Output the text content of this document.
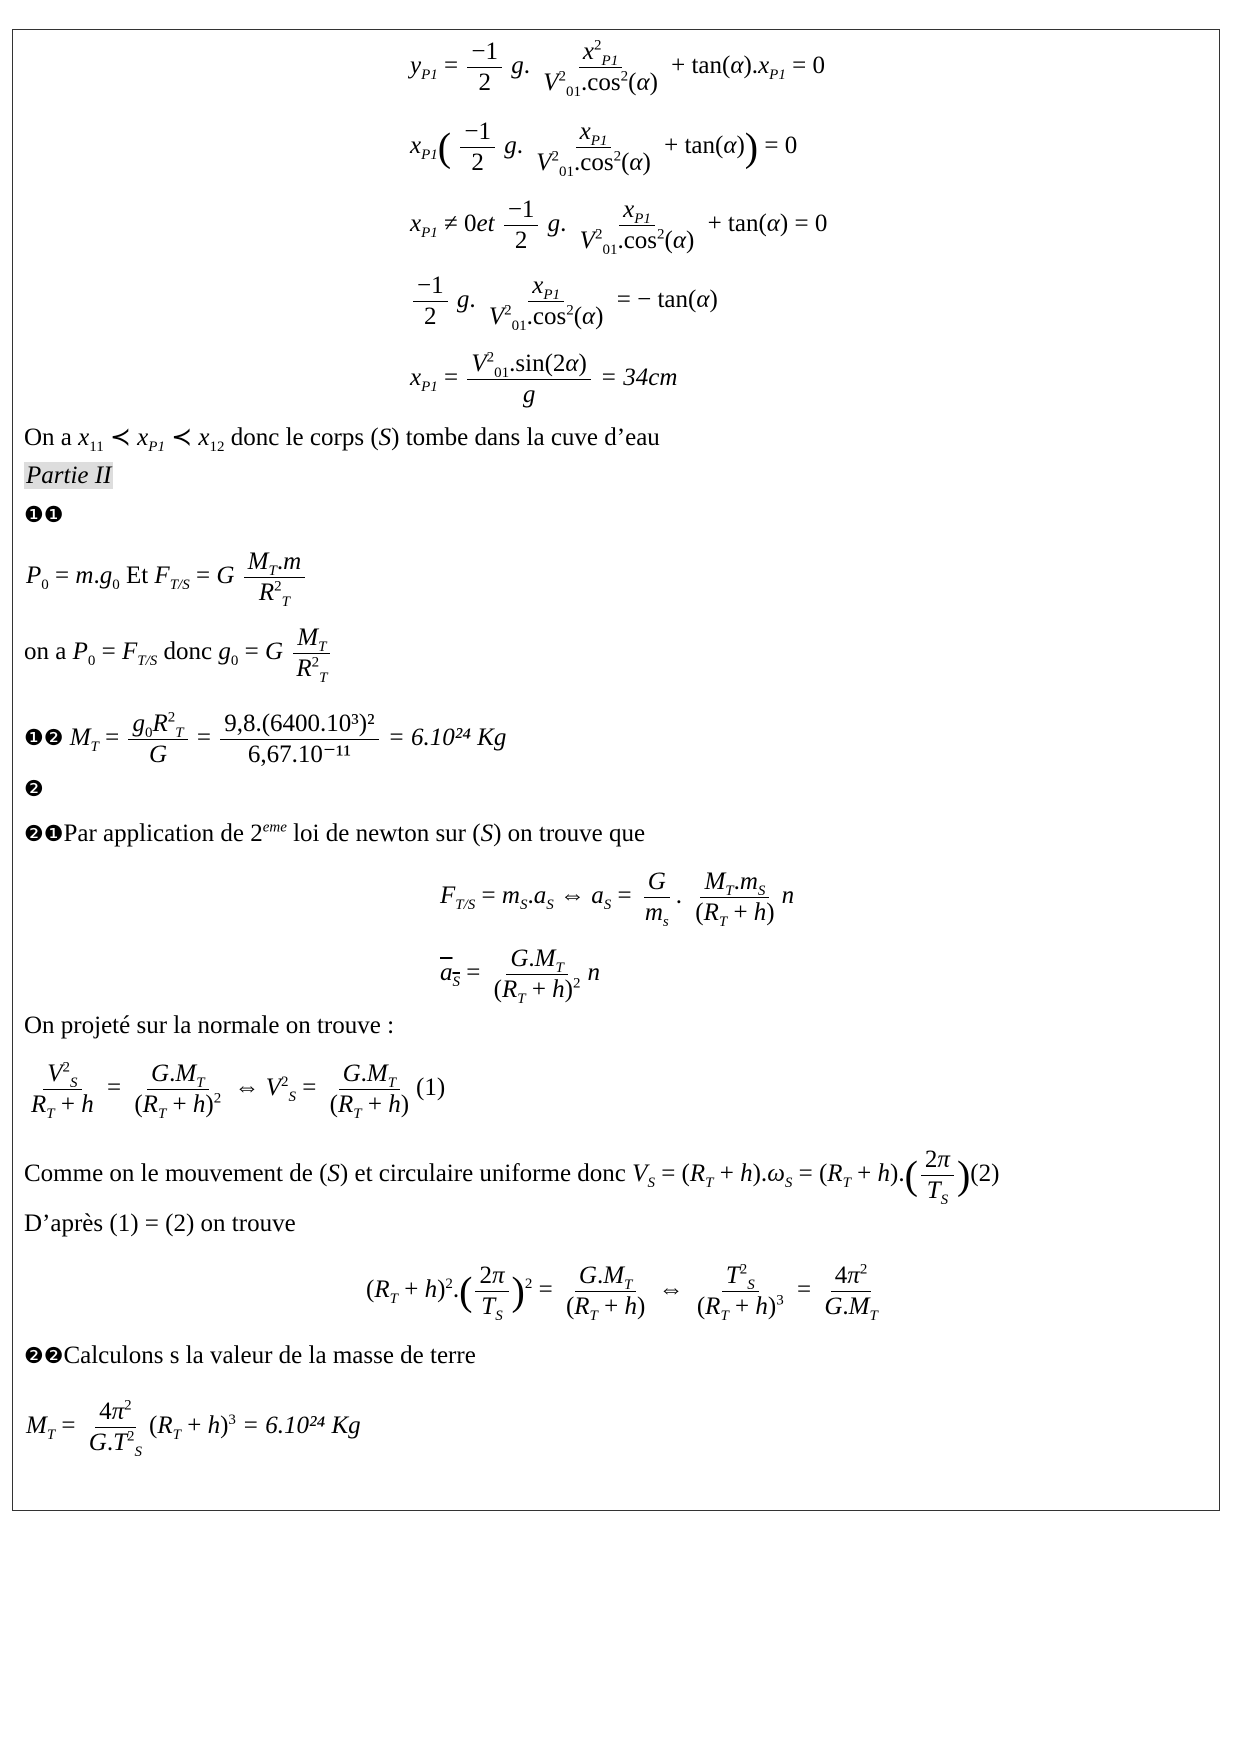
$y_{P1} = \frac{-1}{2} g$. $\frac{x^2_{P1}}{V^2_{01}.\cos^2(\alpha)} + \tan(\alpha).x_{P1} = 0$
$x_{P1}( \frac{-1}{2} g$. $\frac{x_{P1}}{V^2_{01}.\cos^2(\alpha)} + \tan(\alpha)) = 0$
$x_{P1} \ne 0et \frac{-1}{2} g$. $\frac{x_{P1}}{V^2_{01}.\cos^2(\alpha)} + \tan(\alpha) = 0$
$\frac{-1}{2} g$. $\frac{x_{P1}}{V^2_{01}.\cos^2(\alpha)}$ = − tan(α)
$x_{P1} = \frac{V^2_{01}.\sin(2\alpha)}{g} = 34cm$
On a $x_{11}$ ≺ $x_{P1}$ ≺ $x_{12}$ donc le corps (S) tombe dans la cuve d’eau
Partie II
❶❶
$P_0 = m.g_0$ Et $F_{T/S} = G \frac{M_T.m}{R^2_T}$
on a $P_0 = F_{T/S}$ donc $g_0 = G \frac{M_T}{R^2_T}$
❶❷ $M_T = \frac{g_0R^2_T}{G} = \frac{\text{9,8.(6400.10³)²}}{\text{6,67.10⁻¹¹}} = 6.10^{24}$ Kg
❷
❷❶Par application de 2eme loi de newton sur (S) on trouve que
$F_{T/S} = m_S.a_S$ ⇔ $a_S = \frac{G}{m_s}$ . $\frac{M_T.m_S}{(R_T + h)}$ n
$a_S = \frac{G.M_T}{(R_T + h)^2}$ n
On projeté sur la normale on trouve :
$\frac{V^2_S}{R_T + h} = \frac{G.M_T}{(R_T + h)^2}$ ⇔ $V^2_S = \frac{G.M_T}{(R_T + h)} (1)$
Comme on le mouvement de (S) et circulaire uniforme donc $V_S = (R_T + h).\omega_S = (R_T + h).( \frac{2\pi}{T_S} )(2)$
D’après (1) = (2) on trouve
$(R_T + h)^2.( \frac{2\pi}{T_S} )^2 = \frac{G.M_T}{(R_T + h)}$ ⇔ $\frac{T^2_S}{(R_T + h)^3} = \frac{4\pi^2}{G.M_T}$
❷❷Calculons s la valeur de la masse de terre
$M_T = \frac{4\pi^2}{G.T^2_S} (R_T + h)^3 = 6.10^{24}$ Kg
